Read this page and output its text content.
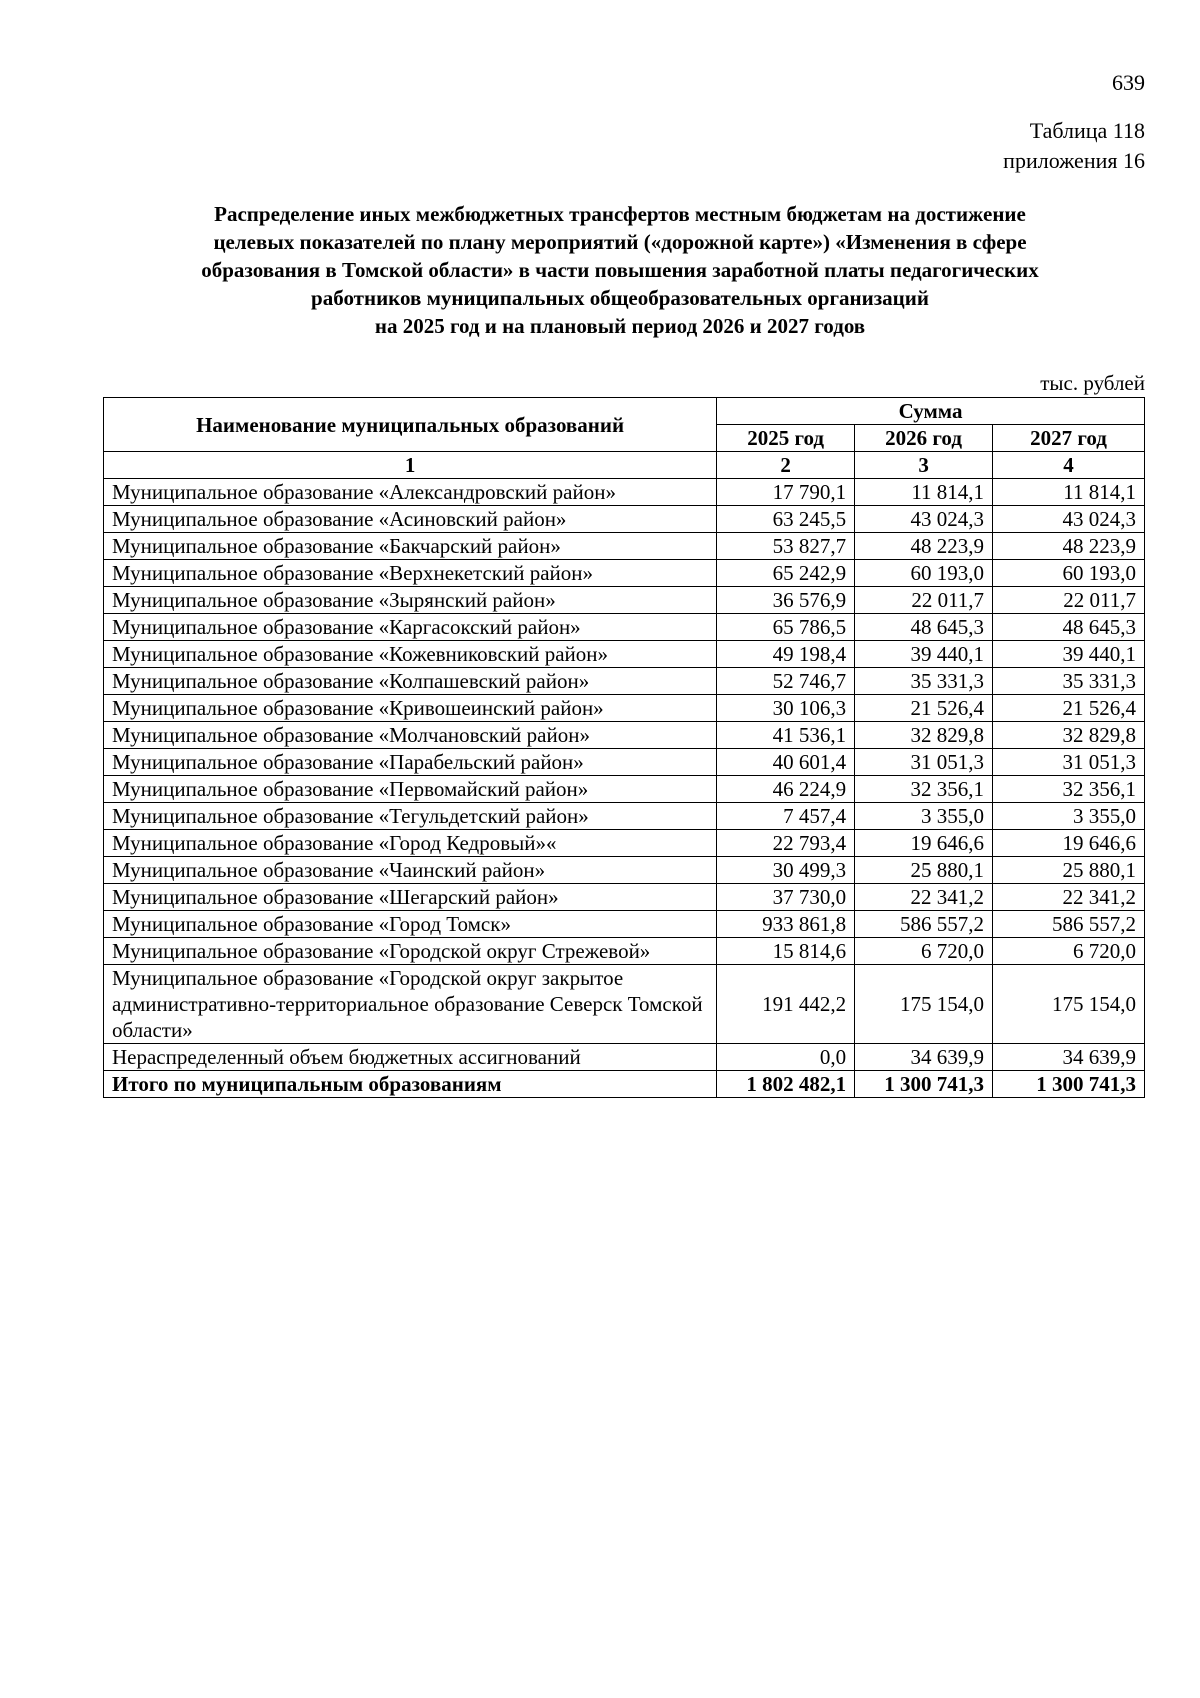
639
Таблица 118
приложения 16
Распределение иных межбюджетных трансфертов местным бюджетам на достижение
целевых показателей по плану мероприятий («дорожной карте») «Изменения в сфере
образования в Томской области» в части повышения заработной платы педагогических
работников муниципальных общеобразовательных организаций
на 2025 год и на плановый период 2026 и 2027 годов
тыс. рублей
Наименование муниципальных образований	Сумма		
	2025 год	2026 год	2027 год
1	2	3	4
Муниципальное образование «Александровский район»	17 790,1	11 814,1	11 814,1
Муниципальное образование «Асиновский район»	63 245,5	43 024,3	43 024,3
Муниципальное образование «Бакчарский район»	53 827,7	48 223,9	48 223,9
Муниципальное образование «Верхнекетский район»	65 242,9	60 193,0	60 193,0
Муниципальное образование «Зырянский район»	36 576,9	22 011,7	22 011,7
Муниципальное образование «Каргасокский район»	65 786,5	48 645,3	48 645,3
Муниципальное образование «Кожевниковский район»	49 198,4	39 440,1	39 440,1
Муниципальное образование «Колпашевский район»	52 746,7	35 331,3	35 331,3
Муниципальное образование «Кривошеинский район»	30 106,3	21 526,4	21 526,4
Муниципальное образование «Молчановский район»	41 536,1	32 829,8	32 829,8
Муниципальное образование «Парабельский район»	40 601,4	31 051,3	31 051,3
Муниципальное образование «Первомайский район»	46 224,9	32 356,1	32 356,1
Муниципальное образование «Тегульдетский район»	7 457,4	3 355,0	3 355,0
Муниципальное образование «Город Кедровый»«	22 793,4	19 646,6	19 646,6
Муниципальное образование «Чаинский район»	30 499,3	25 880,1	25 880,1
Муниципальное образование «Шегарский район»	37 730,0	22 341,2	22 341,2
Муниципальное образование «Город Томск»	933 861,8	586 557,2	586 557,2
Муниципальное образование «Городской округ Стрежевой»	15 814,6	6 720,0	6 720,0
Муниципальное образование «Городской округ закрытое административно-территориальное образование Северск Томской области»	191 442,2	175 154,0	175 154,0
Нераспределенный объем бюджетных ассигнований	0,0	34 639,9	34 639,9
Итого по муниципальным образованиям	1 802 482,1	1 300 741,3	1 300 741,3
